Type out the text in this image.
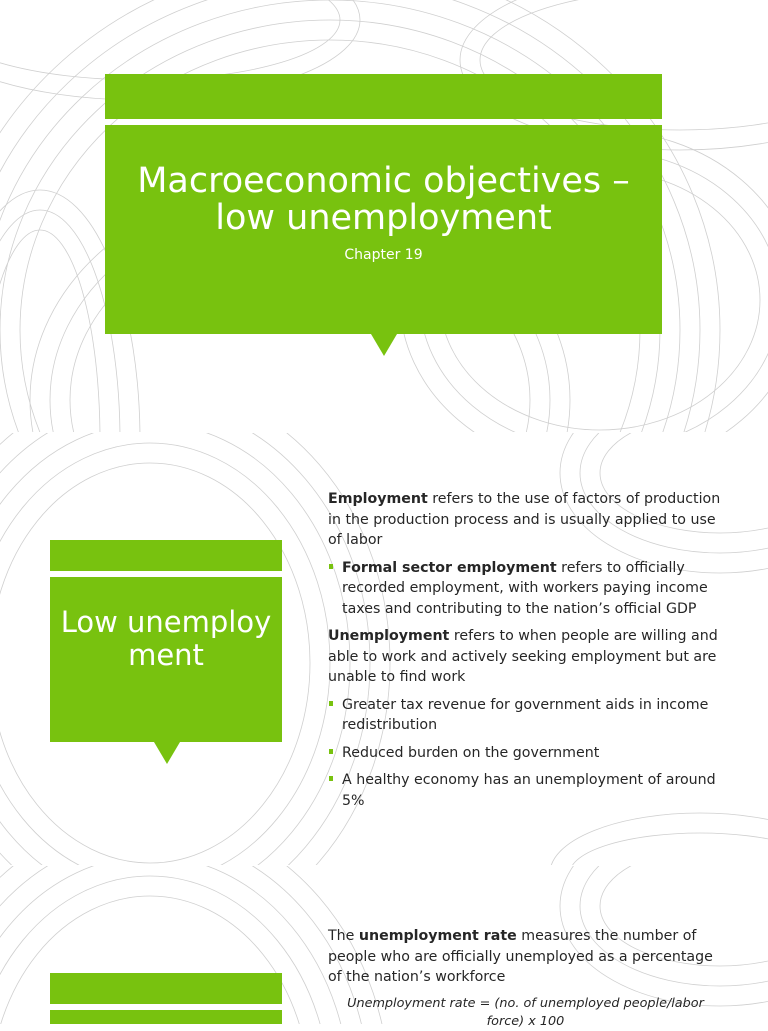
Macroeconomic objectives –
low unemployment
Chapter 19
Low unemployment

Employment refers to the use of factors of production in the production process and is usually applied to use of labor

Formal sector employment refers to officially recorded employment, with workers paying income taxes and contributing to the nation’s official GDP

Unemployment refers to when people are willing and able to work and actively seeking employment but are unable to find work

Greater tax revenue for government aids in income redistribution

Reduced burden on the government

A healthy economy has an unemployment of around 5%

The unemployment rate measures the number of people who are officially unemployed as a percentage of the nation’s workforce

Unemployment rate = (no. of unemployed people/labor force) x 100
